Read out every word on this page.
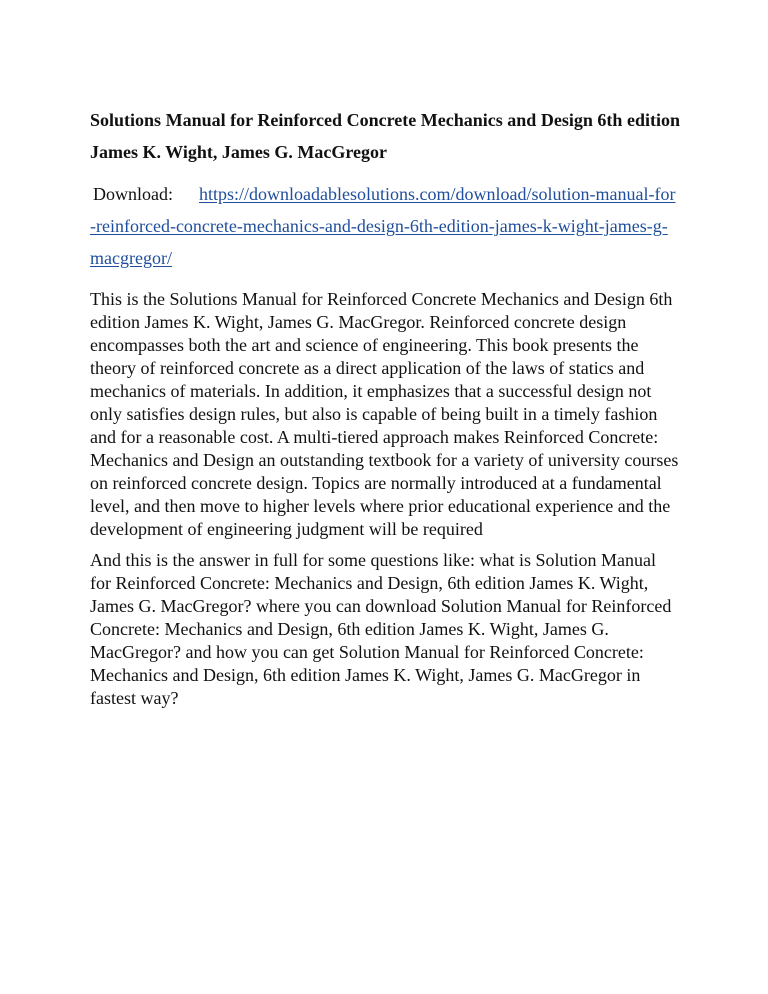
Solutions Manual for Reinforced Concrete Mechanics and Design 6th edition James K. Wight, James G. MacGregor

Download: https://downloadablesolutions.com/download/solution-manual-for-reinforced-concrete-mechanics-and-design-6th-edition-james-k-wight-james-g-macgregor/

This is the Solutions Manual for Reinforced Concrete Mechanics and Design 6th edition James K. Wight, James G. MacGregor. Reinforced concrete design encompasses both the art and science of engineering. This book presents the theory of reinforced concrete as a direct application of the laws of statics and mechanics of materials. In addition, it emphasizes that a successful design not only satisfies design rules, but also is capable of being built in a timely fashion and for a reasonable cost. A multi-tiered approach makes Reinforced Concrete: Mechanics and Design an outstanding textbook for a variety of university courses on reinforced concrete design. Topics are normally introduced at a fundamental level, and then move to higher levels where prior educational experience and the development of engineering judgment will be required

And this is the answer in full for some questions like: what is Solution Manual for Reinforced Concrete: Mechanics and Design, 6th edition James K. Wight, James G. MacGregor? where you can download Solution Manual for Reinforced Concrete: Mechanics and Design, 6th edition James K. Wight, James G. MacGregor? and how you can get Solution Manual for Reinforced Concrete: Mechanics and Design, 6th edition James K. Wight, James G. MacGregor in fastest way?
